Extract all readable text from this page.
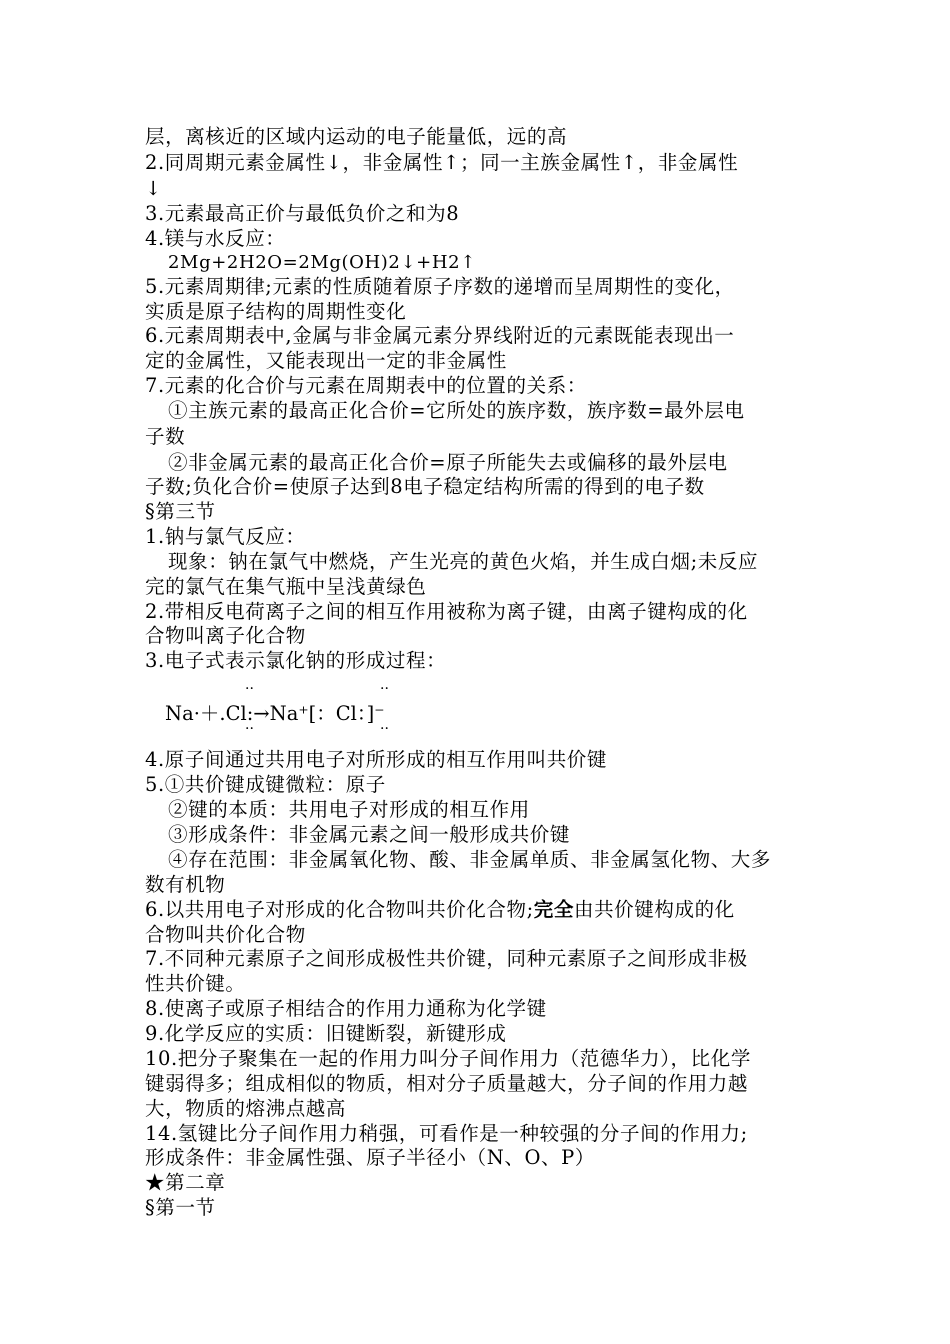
层，离核近的区域内运动的电子能量低，远的高
2.同周期元素金属性↓，非金属性↑；同一主族金属性↑，非金属性
↓
3.元素最高正价与最低负价之和为8
4.镁与水反应：
2Mg+2H2O=2Mg(OH)2↓+H2↑
5.元素周期律;元素的性质随着原子序数的递增而呈周期性的变化，
实质是原子结构的周期性变化
6.元素周期表中,金属与非金属元素分界线附近的元素既能表现出一
定的金属性，又能表现出一定的非金属性
7.元素的化合价与元素在周期表中的位置的关系：
①主族元素的最高正化合价=它所处的族序数，族序数=最外层电
子数
②非金属元素的最高正化合价=原子所能失去或偏移的最外层电
子数;负化合价=使原子达到8电子稳定结构所需的得到的电子数
§第三节
1.钠与氯气反应：
现象：钠在氯气中燃烧，产生光亮的黄色火焰，并生成白烟;未反应
完的氯气在集气瓶中呈浅黄绿色
2.带相反电荷离子之间的相互作用被称为离子键，由离子键构成的化
合物叫离子化合物
3.电子式表示氯化钠的形成过程：
··
··
··
··
Na·＋.Cl:→Na⁺[：Cl：]⁻
4.原子间通过共用电子对所形成的相互作用叫共价键
5.①共价键成键微粒：原子
②键的本质：共用电子对形成的相互作用
③形成条件：非金属元素之间一般形成共价键
④存在范围：非金属氧化物、酸、非金属单质、非金属氢化物、大多
数有机物
6.以共用电子对形成的化合物叫共价化合物;完全由共价键构成的化
合物叫共价化合物
7.不同种元素原子之间形成极性共价键，同种元素原子之间形成非极
性共价键。
8.使离子或原子相结合的作用力通称为化学键
9.化学反应的实质：旧键断裂，新键形成
10.把分子聚集在一起的作用力叫分子间作用力（范德华力），比化学
键弱得多；组成相似的物质，相对分子质量越大，分子间的作用力越
大，物质的熔沸点越高
14.氢键比分子间作用力稍强，可看作是一种较强的分子间的作用力;
形成条件：非金属性强、原子半径小（N、O、P）
★第二章
§第一节
